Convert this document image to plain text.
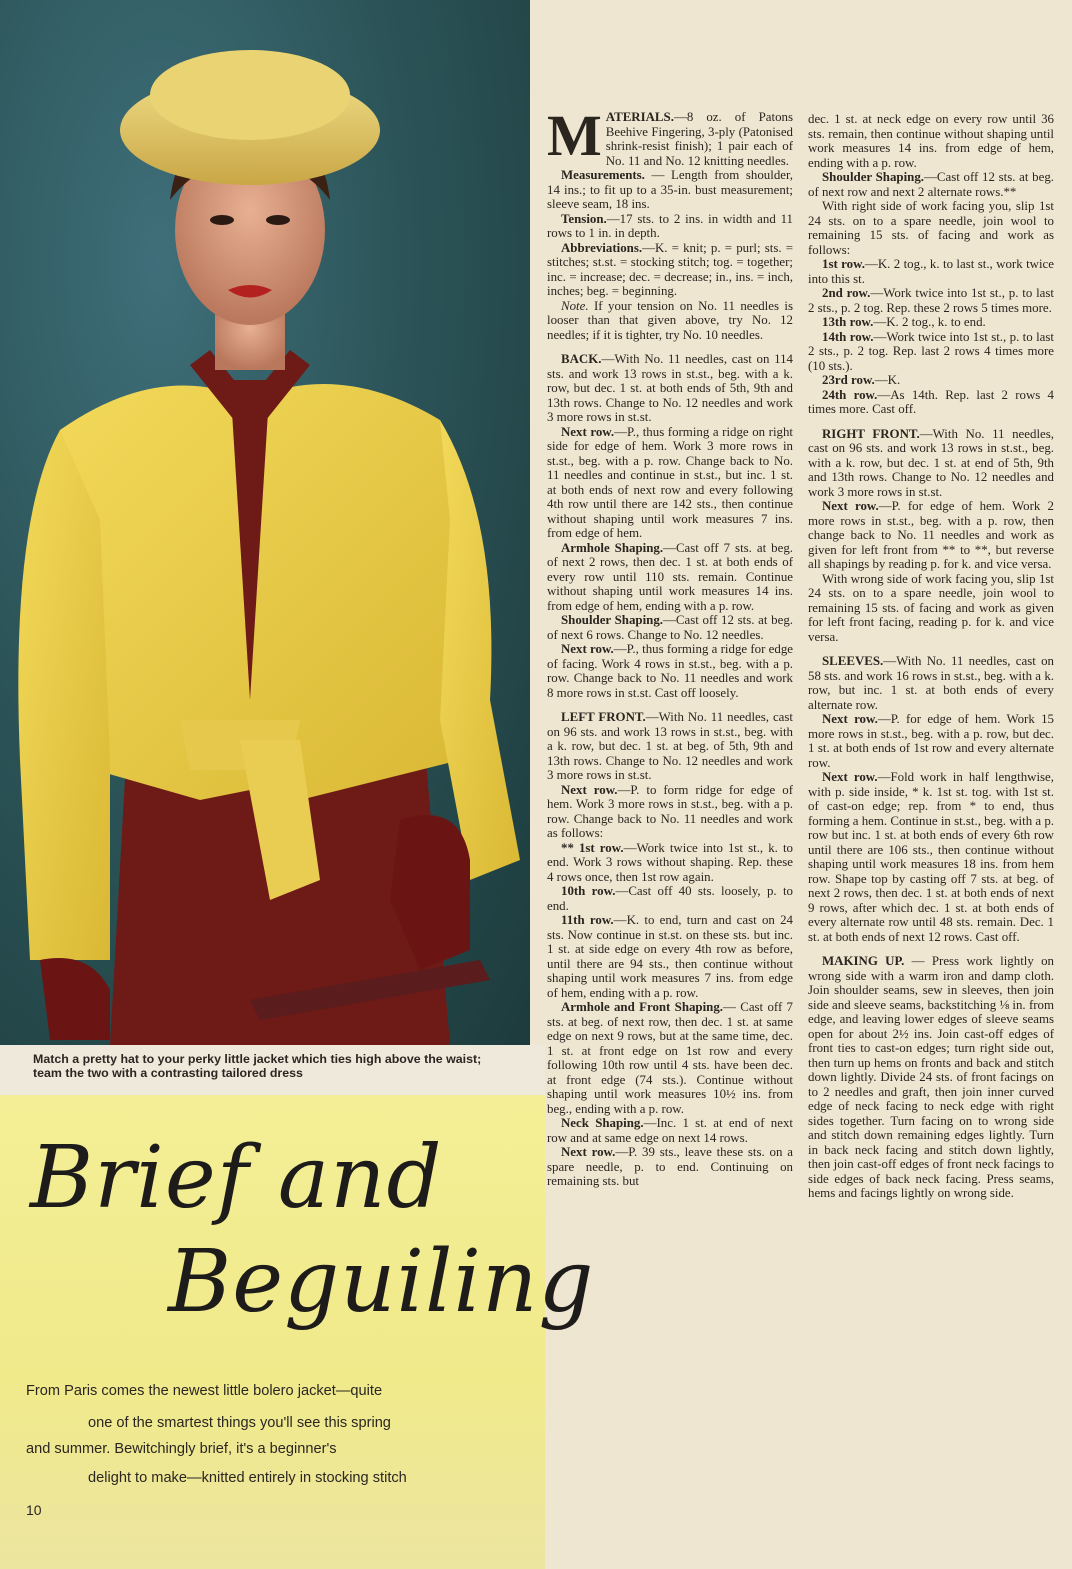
Match a pretty hat to your perky little jacket which ties high above the waist; team the two with a contrasting tailored dress
Brief and
Beguiling
From Paris comes the newest little bolero jacket—quite
one of the smartest things you'll see this spring
and summer. Bewitchingly brief, it's a beginner's
delight to make—knitted entirely in stocking stitch
10

MATERIALS.—8 oz. of Patons Beehive Fingering, 3-ply (Patonised shrink-resist finish); 1 pair each of No. 11 and No. 12 knitting needles.

Measurements. — Length from shoulder, 14 ins.; to fit up to a 35-in. bust measurement; sleeve seam, 18 ins.

Tension.—17 sts. to 2 ins. in width and 11 rows to 1 in. in depth.

Abbreviations.—K. = knit; p. = purl; sts. = stitches; st.st. = stocking stitch; tog. = together; inc. = increase; dec. = decrease; in., ins. = inch, inches; beg. = beginning.

Note. If your tension on No. 11 needles is looser than that given above, try No. 12 needles; if it is tighter, try No. 10 needles.

BACK.—With No. 11 needles, cast on 114 sts. and work 13 rows in st.st., beg. with a k. row, but dec. 1 st. at both ends of 5th, 9th and 13th rows. Change to No. 12 needles and work 3 more rows in st.st.

Next row.—P., thus forming a ridge on right side for edge of hem. Work 3 more rows in st.st., beg. with a p. row. Change back to No. 11 needles and continue in st.st., but inc. 1 st. at both ends of next row and every following 4th row until there are 142 sts., then continue without shaping until work measures 7 ins. from edge of hem.

Armhole Shaping.—Cast off 7 sts. at beg. of next 2 rows, then dec. 1 st. at both ends of every row until 110 sts. remain. Continue without shaping until work measures 14 ins. from edge of hem, ending with a p. row.

Shoulder Shaping.—Cast off 12 sts. at beg. of next 6 rows. Change to No. 12 needles.

Next row.—P., thus forming a ridge for edge of facing. Work 4 rows in st.st., beg. with a p. row. Change back to No. 11 needles and work 8 more rows in st.st. Cast off loosely.

LEFT FRONT.—With No. 11 needles, cast on 96 sts. and work 13 rows in st.st., beg. with a k. row, but dec. 1 st. at beg. of 5th, 9th and 13th rows. Change to No. 12 needles and work 3 more rows in st.st.

Next row.—P. to form ridge for edge of hem. Work 3 more rows in st.st., beg. with a p. row. Change back to No. 11 needles and work as follows:

** 1st row.—Work twice into 1st st., k. to end. Work 3 rows without shaping. Rep. these 4 rows once, then 1st row again.

10th row.—Cast off 40 sts. loosely, p. to end.

11th row.—K. to end, turn and cast on 24 sts. Now continue in st.st. on these sts. but inc. 1 st. at side edge on every 4th row as before, until there are 94 sts., then continue without shaping until work measures 7 ins. from edge of hem, ending with a p. row.

Armhole and Front Shaping.— Cast off 7 sts. at beg. of next row, then dec. 1 st. at same edge on next 9 rows, but at the same time, dec. 1 st. at front edge on 1st row and every following 10th row until 4 sts. have been dec. at front edge (74 sts.). Continue without shaping until work measures 10½ ins. from beg., ending with a p. row.

Neck Shaping.—Inc. 1 st. at end of next row and at same edge on next 14 rows.

Next row.—P. 39 sts., leave these sts. on a spare needle, p. to end. Continuing on remaining sts. but

dec. 1 st. at neck edge on every row until 36 sts. remain, then continue without shaping until work measures 14 ins. from edge of hem, ending with a p. row.

Shoulder Shaping.—Cast off 12 sts. at beg. of next row and next 2 alternate rows.**

With right side of work facing you, slip 1st 24 sts. on to a spare needle, join wool to remaining 15 sts. of facing and work as follows:

1st row.—K. 2 tog., k. to last st., work twice into this st.

2nd row.—Work twice into 1st st., p. to last 2 sts., p. 2 tog. Rep. these 2 rows 5 times more.

13th row.—K. 2 tog., k. to end.

14th row.—Work twice into 1st st., p. to last 2 sts., p. 2 tog. Rep. last 2 rows 4 times more (10 sts.).

23rd row.—K.

24th row.—As 14th. Rep. last 2 rows 4 times more. Cast off.

RIGHT FRONT.—With No. 11 needles, cast on 96 sts. and work 13 rows in st.st., beg. with a k. row, but dec. 1 st. at end of 5th, 9th and 13th rows. Change to No. 12 needles and work 3 more rows in st.st.

Next row.—P. for edge of hem. Work 2 more rows in st.st., beg. with a p. row, then change back to No. 11 needles and work as given for left front from ** to **, but reverse all shapings by reading p. for k. and vice versa.

With wrong side of work facing you, slip 1st 24 sts. on to a spare needle, join wool to remaining 15 sts. of facing and work as given for left front facing, reading p. for k. and vice versa.

SLEEVES.—With No. 11 needles, cast on 58 sts. and work 16 rows in st.st., beg. with a k. row, but inc. 1 st. at both ends of every alternate row.

Next row.—P. for edge of hem. Work 15 more rows in st.st., beg. with a p. row, but dec. 1 st. at both ends of 1st row and every alternate row.

Next row.—Fold work in half lengthwise, with p. side inside, * k. 1st st. tog. with 1st st. of cast-on edge; rep. from * to end, thus forming a hem. Continue in st.st., beg. with a p. row but inc. 1 st. at both ends of every 6th row until there are 106 sts., then continue without shaping until work measures 18 ins. from hem row. Shape top by casting off 7 sts. at beg. of next 2 rows, then dec. 1 st. at both ends of next 9 rows, after which dec. 1 st. at both ends of every alternate row until 48 sts. remain. Dec. 1 st. at both ends of next 12 rows. Cast off.

MAKING UP. — Press work lightly on wrong side with a warm iron and damp cloth. Join shoulder seams, sew in sleeves, then join side and sleeve seams, backstitching ⅛ in. from edge, and leaving lower edges of sleeve seams open for about 2½ ins. Join cast-off edges of front ties to cast-on edges; turn right side out, then turn up hems on fronts and back and stitch down lightly. Divide 24 sts. of front facings on to 2 needles and graft, then join inner curved edge of neck facing to neck edge with right sides together. Turn facing on to wrong side and stitch down remaining edges lightly. Turn in back neck facing and stitch down lightly, then join cast-off edges of front neck facings to side edges of back neck facing. Press seams, hems and facings lightly on wrong side.
